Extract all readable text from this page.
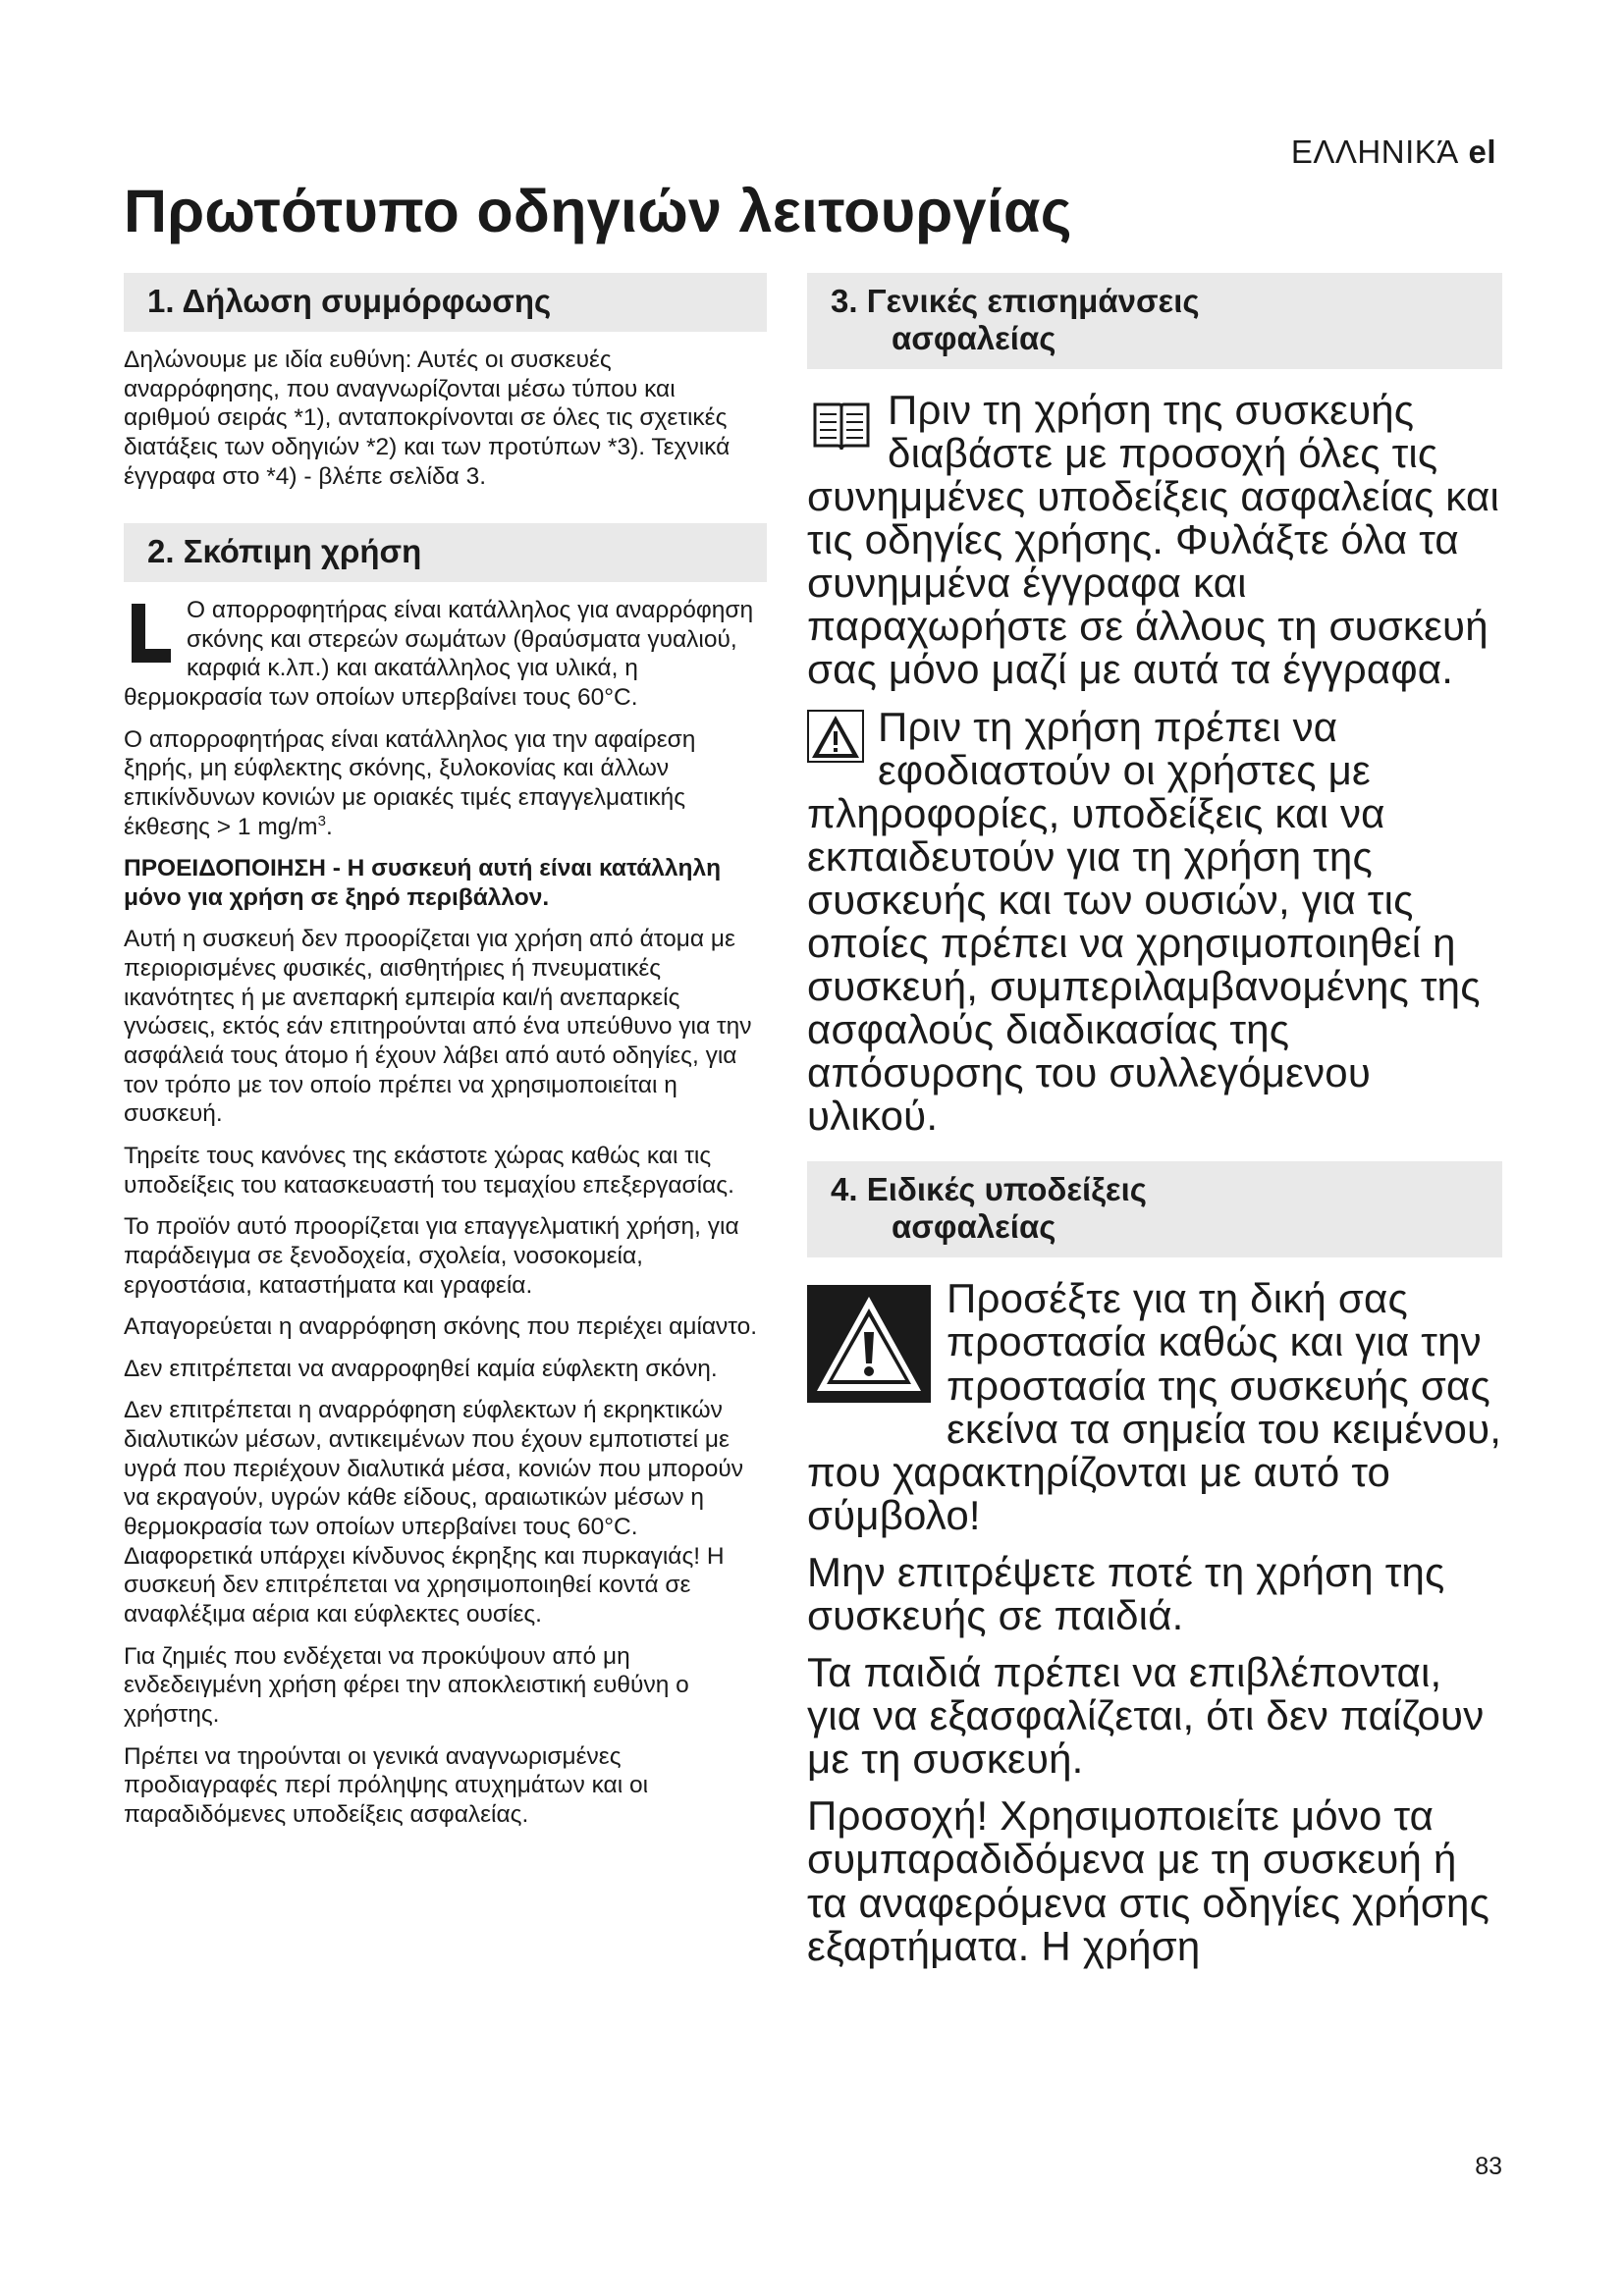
ΕΛΛΗΝΙΚΆ el
Πρωτότυπο οδηγιών λειτουργίας
1. Δήλωση συμμόρφωσης

Δηλώνουμε με ιδία ευθύνη: Αυτές οι συσκευές αναρρόφησης, που αναγνωρίζονται μέσω τύπου και αριθμού σειράς *1), ανταποκρίνονται σε όλες τις σχετικές διατάξεις των οδηγιών *2) και των προτύπων *3). Τεχνικά έγγραφα στο *4) - βλέπε σελίδα 3.

2. Σκόπιμη χρήση

Ο απορροφητήρας είναι κατάλληλος για αναρρόφηση σκόνης και στερεών σωμάτων (θραύσματα γυαλιού, καρφιά κ.λπ.) και ακατάλληλος για υλικά, η θερμοκρασία των οποίων υπερβαίνει τους 60°C.

Ο απορροφητήρας είναι κατάλληλος για την αφαίρεση ξηρής, μη εύφλεκτης σκόνης, ξυλοκονίας και άλλων επικίνδυνων κονιών με οριακές τιμές επαγγελματικής έκθεσης > 1 $mg/m^3$.

ΠΡΟΕΙΔΟΠΟΙΗΣΗ - Η συσκευή αυτή είναι κατάλληλη μόνο για χρήση σε ξηρό περιβάλλον.

Αυτή η συσκευή δεν προορίζεται για χρήση από άτομα με περιορισμένες φυσικές, αισθητήριες ή πνευματικές ικανότητες ή με ανεπαρκή εμπειρία και/ή ανεπαρκείς γνώσεις, εκτός εάν επιτηρούνται από ένα υπεύθυνο για την ασφάλειά τους άτομο ή έχουν λάβει από αυτό οδηγίες, για τον τρόπο με τον οποίο πρέπει να χρησιμοποιείται η συσκευή.

Τηρείτε τους κανόνες της εκάστοτε χώρας καθώς και τις υποδείξεις του κατασκευαστή του τεμαχίου επεξεργασίας.

Το προϊόν αυτό προορίζεται για επαγγελματική χρήση, για παράδειγμα σε ξενοδοχεία, σχολεία, νοσοκομεία, εργοστάσια, καταστήματα και γραφεία.

Απαγορεύεται η αναρρόφηση σκόνης που περιέχει αμίαντο.

Δεν επιτρέπεται να αναρροφηθεί καμία εύφλεκτη σκόνη.

Δεν επιτρέπεται η αναρρόφηση εύφλεκτων ή εκρηκτικών διαλυτικών μέσων, αντικειμένων που έχουν εμποτιστεί με υγρά που περιέχουν διαλυτικά μέσα, κονιών που μπορούν να εκραγούν, υγρών κάθε είδους, αραιωτικών μέσων η θερμοκρασία των οποίων υπερβαίνει τους 60°C. Διαφορετικά υπάρχει κίνδυνος έκρηξης και πυρκαγιάς! Η συσκευή δεν επιτρέπεται να χρησιμοποιηθεί κοντά σε αναφλέξιμα αέρια και εύφλεκτες ουσίες.

Για ζημιές που ενδέχεται να προκύψουν από μη ενδεδειγμένη χρήση φέρει την αποκλειστική ευθύνη ο χρήστης.

Πρέπει να τηρούνται οι γενικά αναγνωρισμένες προδιαγραφές περί πρόληψης ατυχημάτων και οι παραδιδόμενες υποδείξεις ασφαλείας.

3. Γενικές επισημάνσεις
ασφαλείας

Πριν τη χρήση της συσκευής διαβάστε με προσοχή όλες τις συνημμένες υποδείξεις ασφαλείας και τις οδηγίες χρήσης. Φυλάξτε όλα τα συνημμένα έγγραφα και παραχωρήστε σε άλλους τη συσκευή σας μόνο μαζί με αυτά τα έγγραφα.

Πριν τη χρήση πρέπει να εφοδιαστούν οι χρήστες με πληροφορίες, υποδείξεις και να εκπαιδευτούν για τη χρήση της συσκευής και των ουσιών, για τις οποίες πρέπει να χρησιμοποιηθεί η συσκευή, συμπεριλαμβανομένης της ασφαλούς διαδικασίας της απόσυρσης του συλλεγόμενου υλικού.

4. Ειδικές υποδείξεις
ασφαλείας

Προσέξτε για τη δική σας προστασία καθώς και για την προστασία της συσκευής σας εκείνα τα σημεία του κειμένου, που χαρακτηρίζονται με αυτό το σύμβολο!

Μην επιτρέψετε ποτέ τη χρήση της συσκευής σε παιδιά.

Τα παιδιά πρέπει να επιβλέπονται, για να εξασφαλίζεται, ότι δεν παίζουν με τη συσκευή.

Προσοχή! Χρησιμοποιείτε μόνο τα συμπαραδιδόμενα με τη συσκευή ή τα αναφερόμενα στις οδηγίες χρήσης εξαρτήματα. Η χρήση

83
